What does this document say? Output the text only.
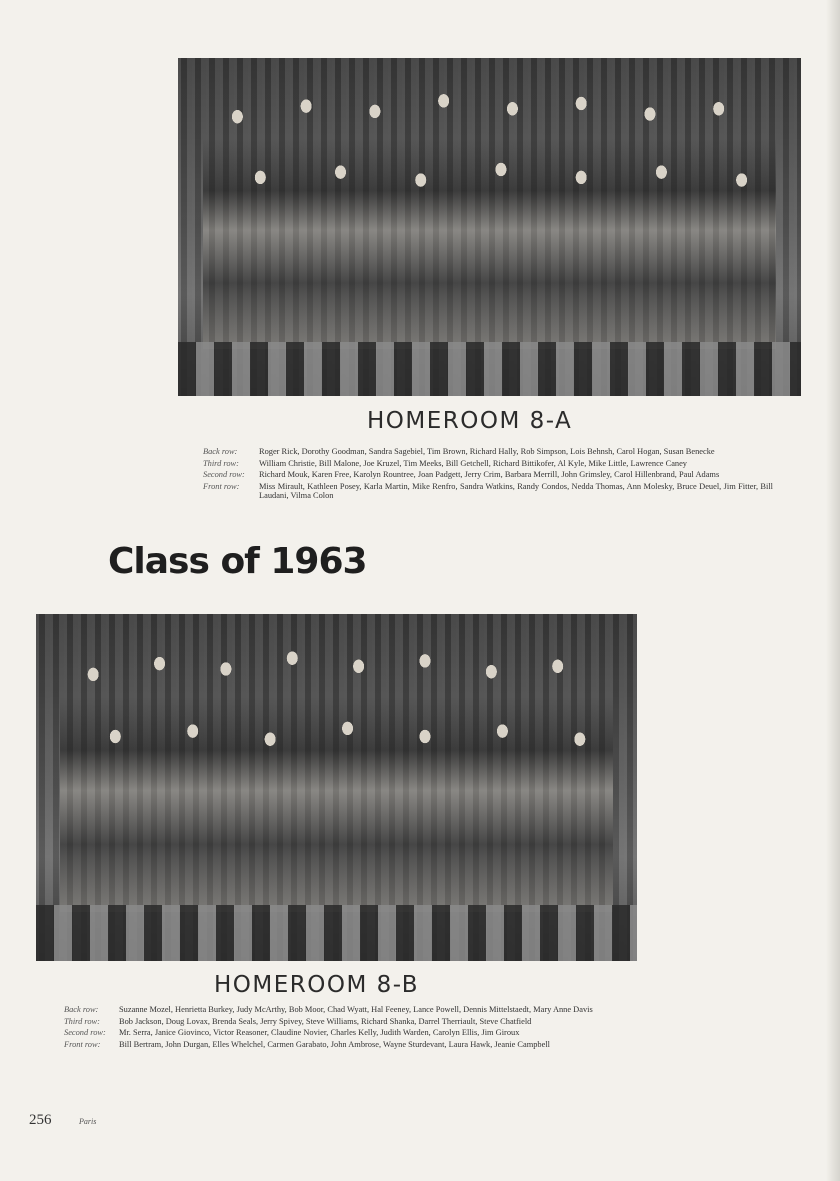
HOMEROOM 8-A
Back row:	Roger Rick, Dorothy Goodman, Sandra Sagebiel, Tim Brown, Richard Hally, Rob Simpson, Lois Behnsh, Carol Hogan, Susan Benecke
Third row:	William Christie, Bill Malone, Joe Kruzel, Tim Meeks, Bill Getchell, Richard Bittikofer, Al Kyle, Mike Little, Lawrence Caney
Second row:	Richard Mouk, Karen Free, Karolyn Rountree, Joan Padgett, Jerry Crim, Barbara Merrill, John Grimsley, Carol Hillenbrand, Paul Adams
Front row:	Miss Mirault, Kathleen Posey, Karla Martin, Mike Renfro, Sandra Watkins, Randy Condos, Nedda Thomas, Ann Molesky, Bruce Deuel, Jim Fitter, Bill Laudani, Vilma Colon
Class of 1963
HOMEROOM 8-B
Back row:	Suzanne Mozel, Henrietta Burkey, Judy McArthy, Bob Moor, Chad Wyatt, Hal Feeney, Lance Powell, Dennis Mittelstaedt, Mary Anne Davis
Third row:	Bob Jackson, Doug Lovax, Brenda Seals, Jerry Spivey, Steve Williams, Richard Shanka, Darrel Therriault, Steve Chatfield
Second row:	Mr. Serra, Janice Giovinco, Victor Reasoner, Claudine Novier, Charles Kelly, Judith Warden, Carolyn Ellis, Jim Giroux
Front row:	Bill Bertram, John Durgan, Elles Whelchel, Carmen Garabato, John Ambrose, Wayne Sturdevant, Laura Hawk, Jeanie Campbell
256	Paris
